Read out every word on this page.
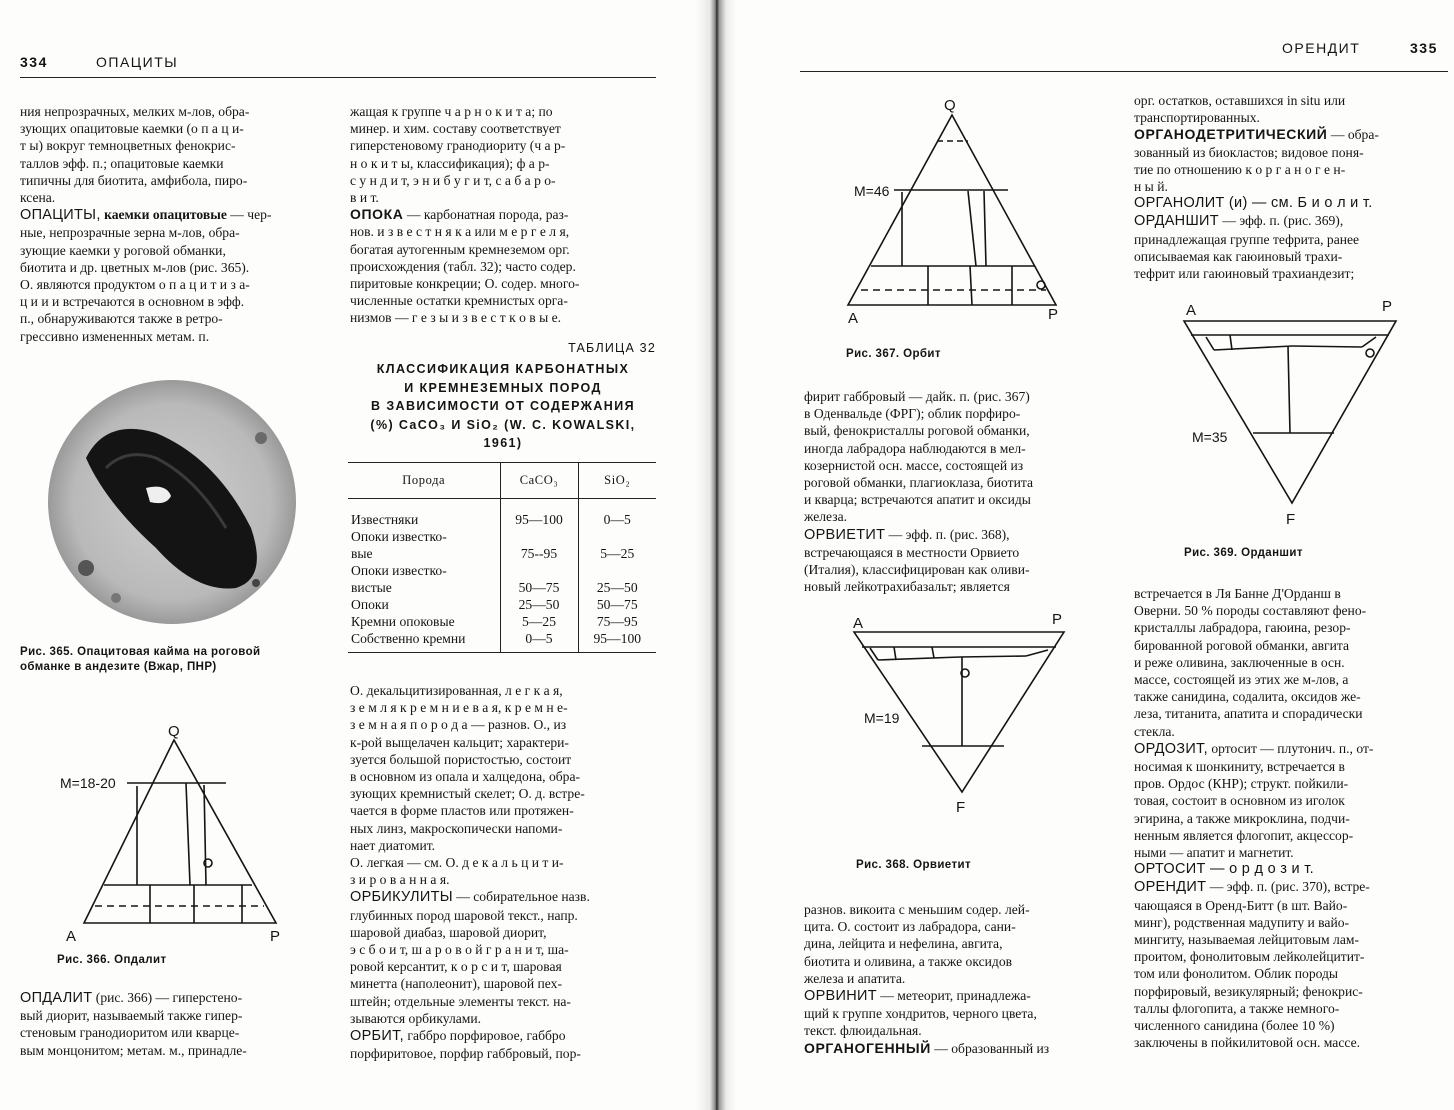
334	ОПАЦИТЫ

ния непрозрачных, мелких м-лов, обра-

зующих опацитовые каемки (о п а ц и-

т ы) вокруг темноцветных фенокрис-

таллов эфф. п.; опацитовые каемки

типичны для биотита, амфибола, пиро-

ксена.

ОПАЦИТЫ, каемки опацитовые — чер-

ные, непрозрачные зерна м-лов, обра-

зующие каемки у роговой обманки,

биотита и др. цветных м-лов (рис. 365).

О. являются продуктом о п а ц и т и з а-

ц и и и встречаются в основном в эфф.

п., обнаруживаются также в ретро-

грессивно измененных метам. п.

Рис. 365. Опацитовая кайма на роговой
обманке в андезите (Вжар, ПНР)
Q
M=18-20
A	P
Рис. 366. Опдалит

ОПДАЛИТ (рис. 366) — гиперстено-

вый диорит, называемый также гипер-

стеновым гранодиоритом или кварце-

вым монцонитом; метам. м., принадле-

жащая к группе ч а р н о к и т а; по

минер. и хим. составу соответствует

гиперстеновому гранодиориту (ч а р-

н о к и т ы, классификация); ф а р-

с у н д и т, э н и б у г и т, с а б а р о-

в и т.

ОПОКА — карбонатная порода, раз-

нов. и з в е с т н я к а или м е р г е л я,

богатая аутогенным кремнеземом орг.

происхождения (табл. 32); часто содер.

пиритовые конкреции; О. содер. много-

численные остатки кремнистых орга-

низмов — г е з ы и з в е с т к о в ы е.

ТАБЛИЦА 32
КЛАССИФИКАЦИЯ КАРБОНАТНЫХ
И КРЕМНЕЗЕМНЫХ ПОРОД
В ЗАВИСИМОСТИ ОТ СОДЕРЖАНИЯ
(%) CaCO₃ И SiO₂ (W. C. KOWALSKI,
1961)
Порода	CaCO₃	SiO₂
Известняки	95—100	0—5

Опоки известко-
вые	75--95	5—25

Опоки известко-
вистые	50—75	25—50
Опоки	25—50	50—75
Кремни опоковые	5—25	75—95
Собственно кремни	0—5	95—100

О. декальцитизированная, л е г к а я,

з е м л я к р е м н и е в а я, к р е м н е-

з е м н а я п о р о д а — разнов. О., из

к-рой выщелачен кальцит; характери-

зуется большой пористостью, состоит

в основном из опала и халцедона, обра-

зующих кремнистый скелет; О. д. встре-

чается в форме пластов или протяжен-

ных линз, макроскопически напоми-

нает диатомит.

О. легкая — см. О. д е к а л ь ц и т и-

з и р о в а н н а я.

ОРБИКУЛИТЫ — собирательное назв.

глубинных пород шаровой текст., напр.

шаровой диабаз, шаровой диорит,

э с б о и т, ш а р о в о й г р а н и т, ша-

ровой керсантит, к о р с и т, шаровая

минетта (наполеонит), шаровой пех-

штейн; отдельные элементы текст. на-

зываются орбикулами.

ОРБИТ, габбро порфировое, габбро

порфиритовое, порфир габбровый, пор-

ОРЕНДИТ	335
Q
M=46
A	P
A	P
M=19
F
A	P
M=35
F
Рис. 367. Орбит
Рис. 368. Орвиетит
Рис. 369. Орданшит

фирит габбровый — дайк. п. (рис. 367)

в Оденвальде (ФРГ); облик порфиро-

вый, фенокристаллы роговой обманки,

иногда лабрадора наблюдаются в мел-

козернистой осн. массе, состоящей из

роговой обманки, плагиоклаза, биотита

и кварца; встречаются апатит и оксиды

железа.

ОРВИЕТИТ — эфф. п. (рис. 368),

встречающаяся в местности Орвието

(Италия), классифицирован как оливи-

новый лейкотрахибазальт; является

разнов. викоита с меньшим содер. лей-

цита. О. состоит из лабрадора, сани-

дина, лейцита и нефелина, авгита,

биотита и оливина, а также оксидов

железа и апатита.

ОРВИНИТ — метеорит, принадлежа-

щий к группе хондритов, черного цвета,

текст. флюидальная.

ОРГАНОГЕННЫЙ — образованный из

орг. остатков, оставшихся in situ или

транспортированных.

ОРГАНОДЕТРИТИЧЕСКИЙ — обра-

зованный из биокластов; видовое поня-

тие по отношению к о р г а н о г е н-

н ы й.

ОРГАНОЛИТ (и) — см. Б и о л и т.

ОРДАНШИТ — эфф. п. (рис. 369),

принадлежащая группе тефрита, ранее

описываемая как гаюиновый трахи-

тефрит или гаюиновый трахиандезит;

встречается в Ля Банне Д'Орданш в

Оверни. 50 % породы составляют фено-

кристаллы лабрадора, гаюина, резор-

бированной роговой обманки, авгита

и реже оливина, заключенные в осн.

массе, состоящей из этих же м-лов, а

также санидина, содалита, оксидов же-

леза, титанита, апатита и спорадически

стекла.

ОРДОЗИТ, ортосит — плутонич. п., от-

носимая к шонкиниту, встречается в

пров. Ордос (КНР); структ. пойкили-

товая, состоит в основном из иголок

эгирина, а также микроклина, подчи-

ненным является флогопит, акцессор-

ными — апатит и магнетит.

ОРТОСИТ — о р д о з и т.

ОРЕНДИТ — эфф. п. (рис. 370), встре-

чающаяся в Оренд-Битт (в шт. Вайо-

минг), родственная мадупиту и вайо-

мингиту, называемая лейцитовым лам-

проитом, фонолитовым лейколейцитит-

том или фонолитом. Облик породы

порфировый, везикулярный; фенокрис-

таллы флогопита, а также немного-

численного санидина (более 10 %)

заключены в пойкилитовой осн. массе.
